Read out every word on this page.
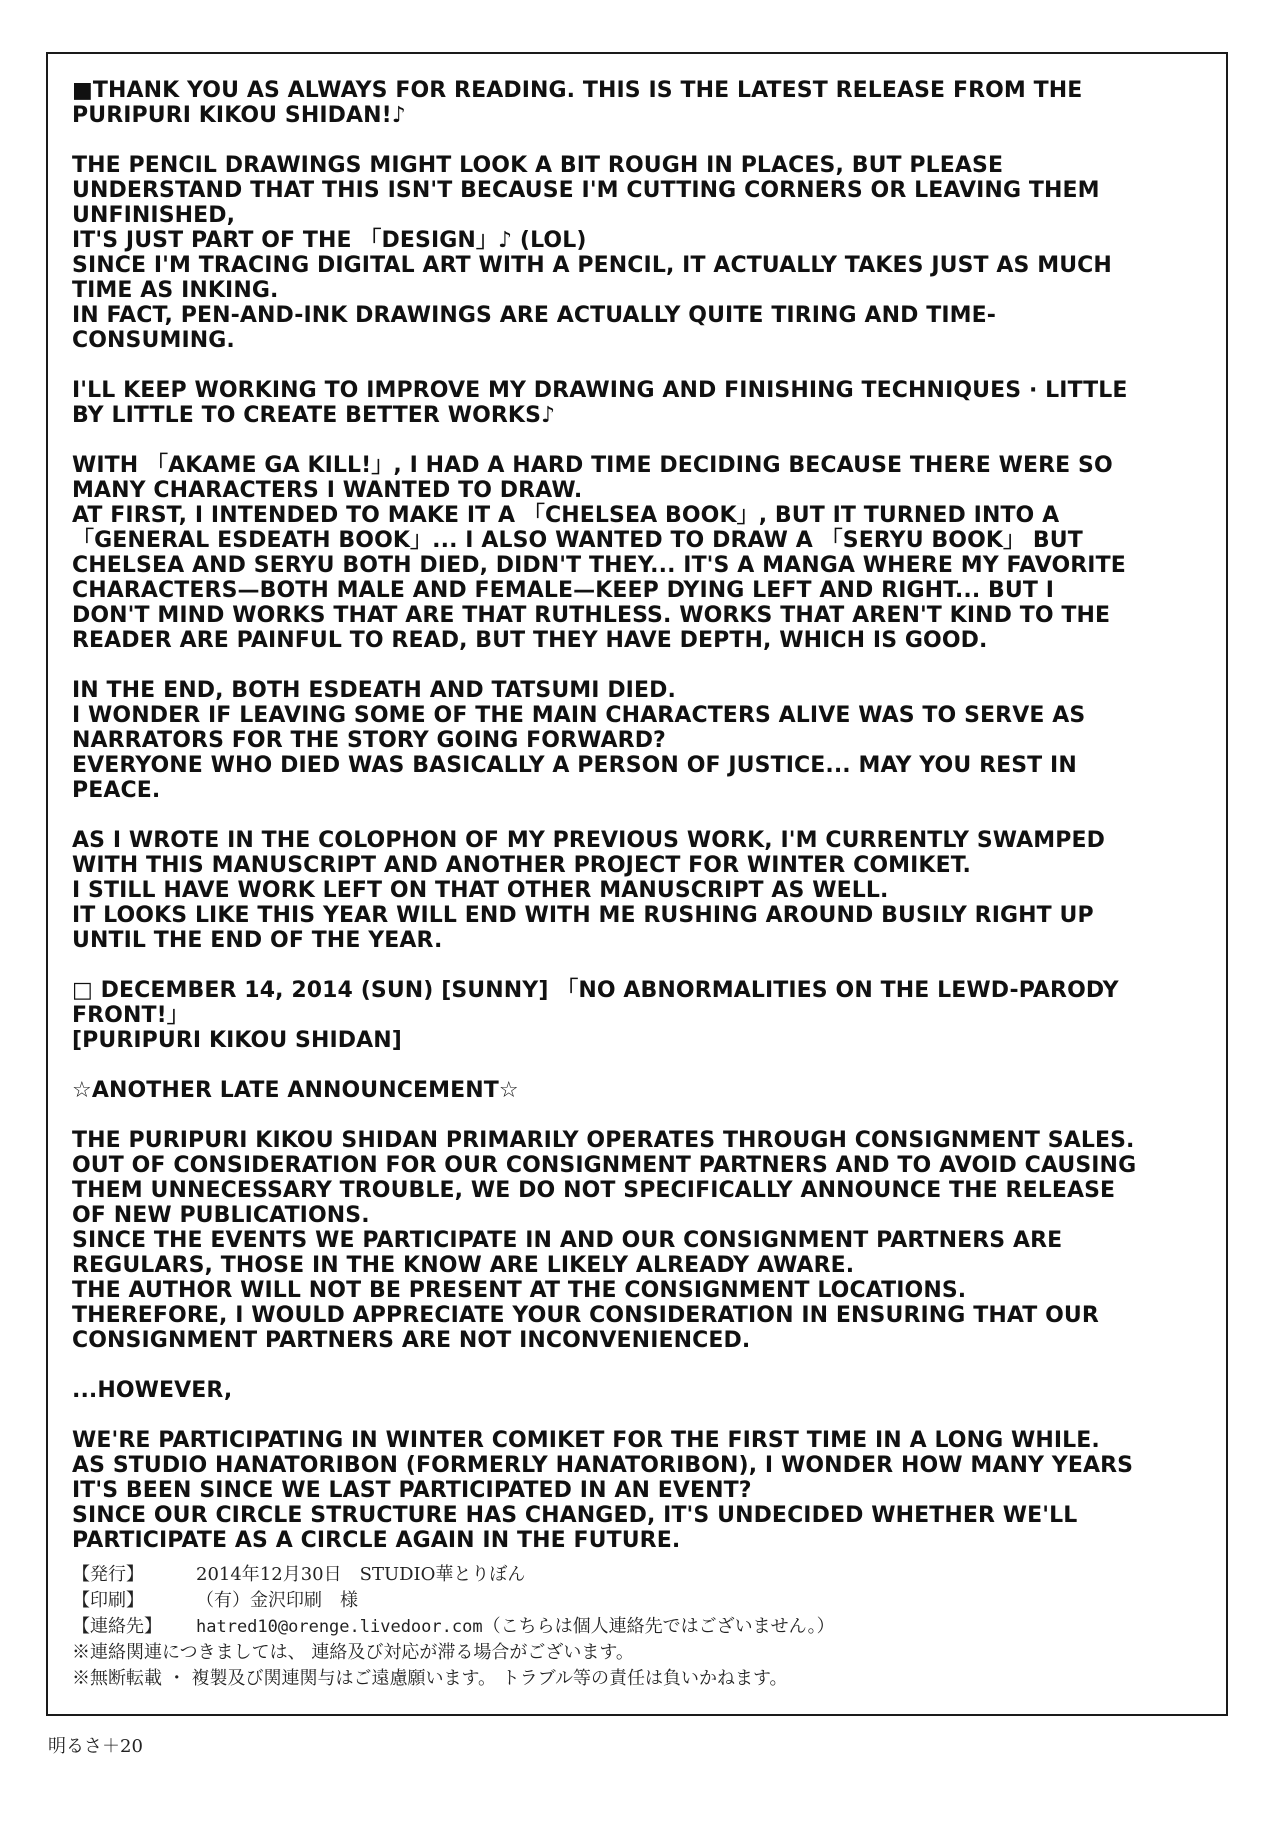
■THANK YOU AS ALWAYS FOR READING. THIS IS THE LATEST RELEASE FROM THE
PURIPURI KIKOU SHIDAN!♪

THE PENCIL DRAWINGS MIGHT LOOK A BIT ROUGH IN PLACES, BUT PLEASE
UNDERSTAND THAT THIS ISN'T BECAUSE I'M CUTTING CORNERS OR LEAVING THEM
UNFINISHED,
IT'S JUST PART OF THE 「DESIGN」♪ (LOL)
SINCE I'M TRACING DIGITAL ART WITH A PENCIL, IT ACTUALLY TAKES JUST AS MUCH
TIME AS INKING.
IN FACT, PEN-AND-INK DRAWINGS ARE ACTUALLY QUITE TIRING AND TIME-
CONSUMING.

I'LL KEEP WORKING TO IMPROVE MY DRAWING AND FINISHING TECHNIQUES · LITTLE
BY LITTLE TO CREATE BETTER WORKS♪

WITH 「AKAME GA KILL!」, I HAD A HARD TIME DECIDING BECAUSE THERE WERE SO
MANY CHARACTERS I WANTED TO DRAW.
AT FIRST, I INTENDED TO MAKE IT A 「CHELSEA BOOK」, BUT IT TURNED INTO A
「GENERAL ESDEATH BOOK」... I ALSO WANTED TO DRAW A 「SERYU BOOK」 BUT
CHELSEA AND SERYU BOTH DIED, DIDN'T THEY... IT'S A MANGA WHERE MY FAVORITE
CHARACTERS—BOTH MALE AND FEMALE—KEEP DYING LEFT AND RIGHT... BUT I
DON'T MIND WORKS THAT ARE THAT RUTHLESS. WORKS THAT AREN'T KIND TO THE
READER ARE PAINFUL TO READ, BUT THEY HAVE DEPTH, WHICH IS GOOD.

IN THE END, BOTH ESDEATH AND TATSUMI DIED.
I WONDER IF LEAVING SOME OF THE MAIN CHARACTERS ALIVE WAS TO SERVE AS
NARRATORS FOR THE STORY GOING FORWARD?
EVERYONE WHO DIED WAS BASICALLY A PERSON OF JUSTICE... MAY YOU REST IN
PEACE.

AS I WROTE IN THE COLOPHON OF MY PREVIOUS WORK, I'M CURRENTLY SWAMPED
WITH THIS MANUSCRIPT AND ANOTHER PROJECT FOR WINTER COMIKET.
I STILL HAVE WORK LEFT ON THAT OTHER MANUSCRIPT AS WELL.
IT LOOKS LIKE THIS YEAR WILL END WITH ME RUSHING AROUND BUSILY RIGHT UP
UNTIL THE END OF THE YEAR.

□ DECEMBER 14, 2014 (SUN) [SUNNY] 「NO ABNORMALITIES ON THE LEWD-PARODY
FRONT!」
[PURIPURI KIKOU SHIDAN]

☆ANOTHER LATE ANNOUNCEMENT☆

THE PURIPURI KIKOU SHIDAN PRIMARILY OPERATES THROUGH CONSIGNMENT SALES.
OUT OF CONSIDERATION FOR OUR CONSIGNMENT PARTNERS AND TO AVOID CAUSING
THEM UNNECESSARY TROUBLE, WE DO NOT SPECIFICALLY ANNOUNCE THE RELEASE
OF NEW PUBLICATIONS.
SINCE THE EVENTS WE PARTICIPATE IN AND OUR CONSIGNMENT PARTNERS ARE
REGULARS, THOSE IN THE KNOW ARE LIKELY ALREADY AWARE.
THE AUTHOR WILL NOT BE PRESENT AT THE CONSIGNMENT LOCATIONS.
THEREFORE, I WOULD APPRECIATE YOUR CONSIDERATION IN ENSURING THAT OUR
CONSIGNMENT PARTNERS ARE NOT INCONVENIENCED.

...HOWEVER,

WE'RE PARTICIPATING IN WINTER COMIKET FOR THE FIRST TIME IN A LONG WHILE.
AS STUDIO HANATORIBON (FORMERLY HANATORIBON), I WONDER HOW MANY YEARS
IT'S BEEN SINCE WE LAST PARTICIPATED IN AN EVENT?
SINCE OUR CIRCLE STRUCTURE HAS CHANGED, IT'S UNDECIDED WHETHER WE'LL
PARTICIPATE AS A CIRCLE AGAIN IN THE FUTURE.

【発行】	2014年12月30日　STUDIO華とりぼん
【印刷】	（有）金沢印刷　様
【連絡先】	hatred10@orenge.livedoor.com （こちらは個人連絡先ではございません。）
※連絡関連につきましては、 連絡及び対応が滞る場合がございます。
※無断転載 ・ 複製及び関連関与はご遠慮願います。 トラブル等の責任は負いかねます。
明るさ＋20
